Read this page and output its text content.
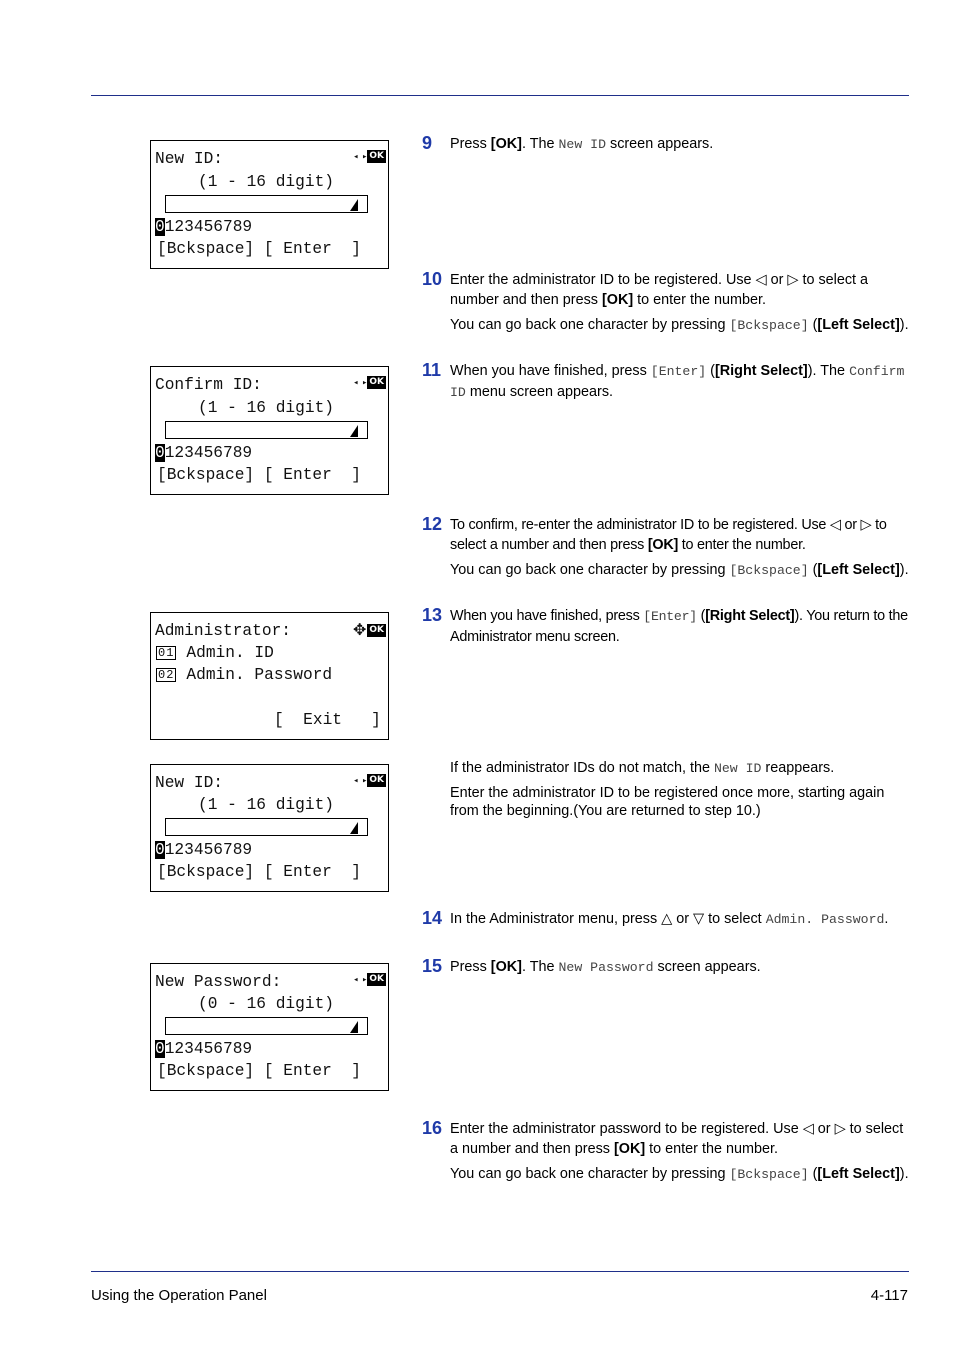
New ID:	◂ ▸ OK
(1 - 16 digit)
0123456789
[Bckspace] [ Enter  ]
Confirm ID:	◂ ▸ OK
(1 - 16 digit)
0123456789
[Bckspace] [ Enter  ]
Administrator:	✥ OK
01 Admin. ID
02 Admin. Password
[  Exit   ]
New ID:	◂ ▸ OK
(1 - 16 digit)
0123456789
[Bckspace] [ Enter  ]
New Password:	◂ ▸ OK
(0 - 16 digit)
0123456789
[Bckspace] [ Enter  ]
9 Press [OK]. The New ID screen appears.
10 Enter the administrator ID to be registered. Use ◁ or ▷ to select a number and then press [OK] to enter the number.
You can go back one character by pressing [Bckspace] ([Left Select]).
11 When you have finished, press [Enter] ([Right Select]). The Confirm ID menu screen appears.
12 To confirm, re-enter the administrator ID to be registered. Use ◁ or ▷ to select a number and then press [OK] to enter the number.
You can go back one character by pressing [Bckspace] ([Left Select]).
13 When you have finished, press [Enter] ([Right Select]). You return to the Administrator menu screen.
If the administrator IDs do not match, the New ID reappears.
Enter the administrator ID to be registered once more, starting again from the beginning.(You are returned to step 10.)
14 In the Administrator menu, press △ or ▽ to select Admin. Password.
15 Press [OK]. The New Password screen appears.
16 Enter the administrator password to be registered. Use ◁ or ▷ to select a number and then press [OK] to enter the number.
You can go back one character by pressing [Bckspace] ([Left Select]).
Using the Operation Panel	4-117
